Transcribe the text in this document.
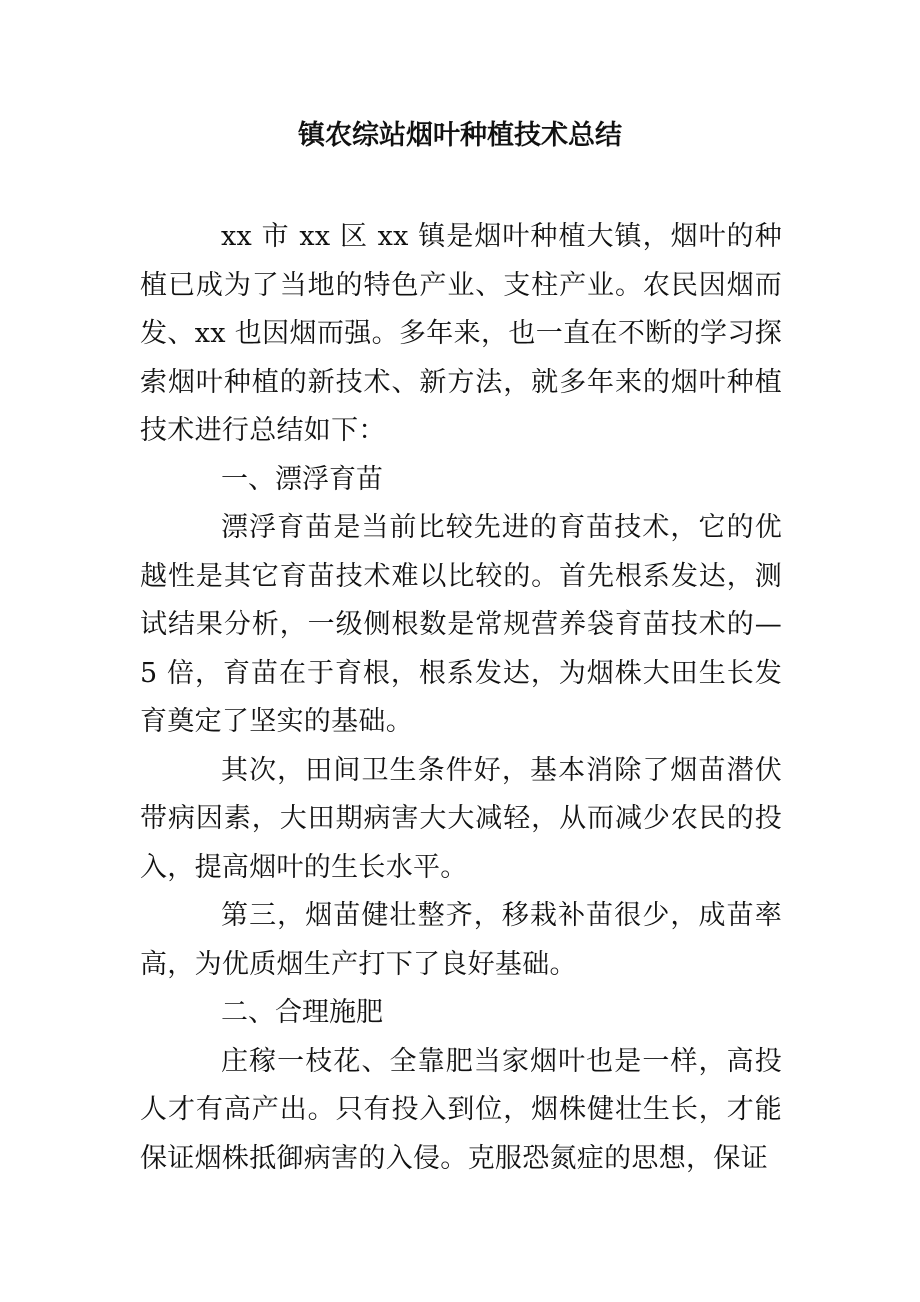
镇农综站烟叶种植技术总结

xx 市 xx 区 xx 镇是烟叶种植大镇，烟叶的种植已成为了当地的特色产业、支柱产业。农民因烟而发、xx 也因烟而强。多年来，也一直在不断的学习探索烟叶种植的新技术、新方法，就多年来的烟叶种植技术进行总结如下：

一、漂浮育苗

漂浮育苗是当前比较先进的育苗技术，它的优越性是其它育苗技术难以比较的。首先根系发达，测试结果分析，一级侧根数是常规营养袋育苗技术的—5 倍，育苗在于育根，根系发达，为烟株大田生长发育奠定了坚实的基础。

其次，田间卫生条件好，基本消除了烟苗潜伏带病因素，大田期病害大大减轻，从而减少农民的投入，提高烟叶的生长水平。

第三，烟苗健壮整齐，移栽补苗很少，成苗率高，为优质烟生产打下了良好基础。

二、合理施肥

庄稼一枝花、全靠肥当家烟叶也是一样，高投人才有高产出。只有投入到位，烟株健壮生长，才能保证烟株抵御病害的入侵。克服恐氮症的思想，保证
